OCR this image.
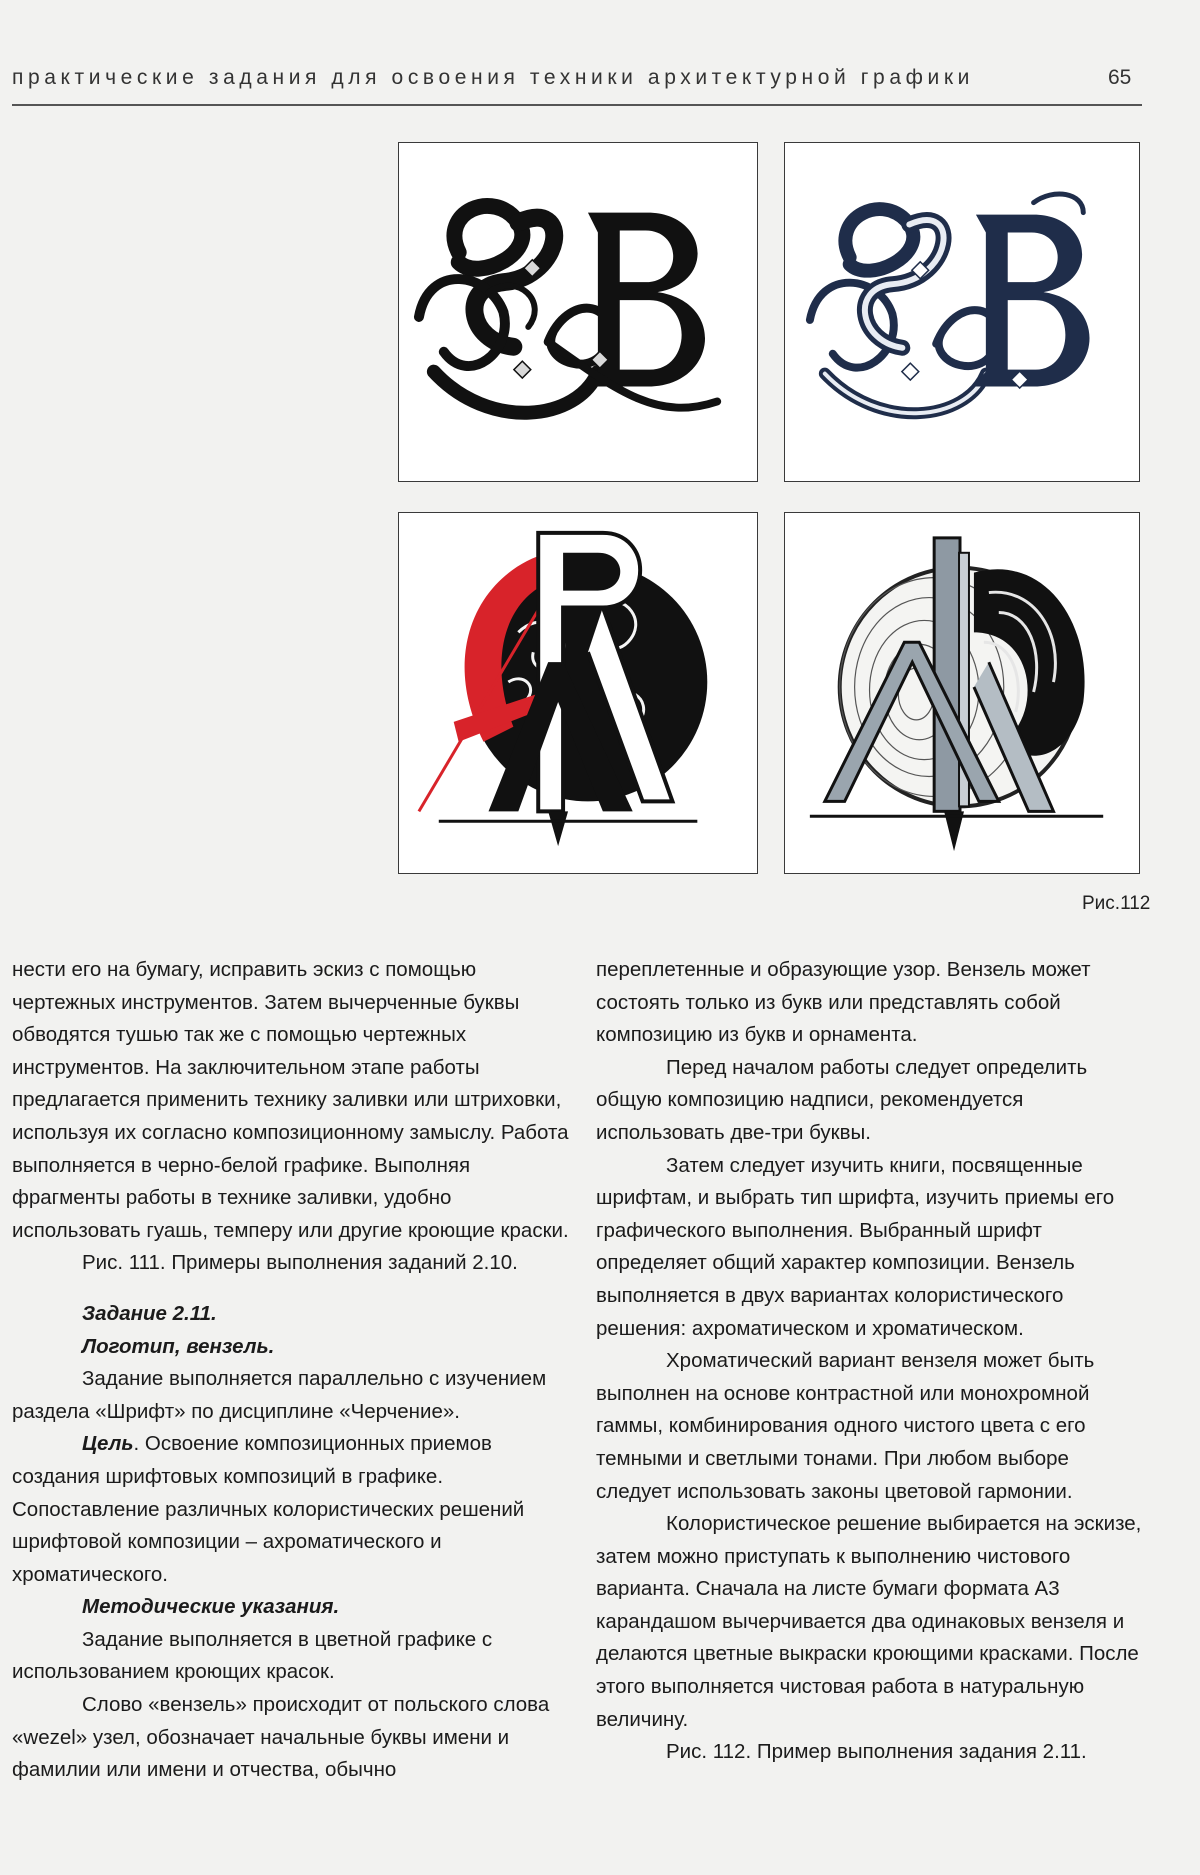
практические задания для освоения техники архитектурной графики	65
Рис.112

нести его на бумагу, исправить эскиз с помощью чертежных инструментов. Затем вычерченные буквы обводятся тушью так же с помощью чертежных инструментов. На заключительном этапе работы предлагается применить технику заливки или штриховки, используя их согласно композиционному замыслу. Работа выполняется в черно-белой графике. Выполняя фрагменты работы в технике заливки, удобно использовать гуашь, темперу или другие кроющие краски.

Рис. 111. Примеры выполнения заданий 2.10.

Задание 2.11.

Логотип, вензель.

Задание выполняется параллельно с изучением раздела «Шрифт» по дисциплине «Черчение».

Цель. Освоение композиционных приемов создания шрифтовых композиций в графике. Сопоставление различных колористических решений шрифтовой композиции – ахроматического и хроматического.

Методические указания.

Задание выполняется в цветной графике с использованием кроющих красок.

Слово «вензель» происходит от польского слова «wezel» узел, обозначает начальные буквы имени и фамилии или имени и отчества, обычно

переплетенные и образующие узор. Вензель может состоять только из букв или представлять собой композицию из букв и орнамента.

Перед началом работы следует определить общую композицию надписи, рекомендуется использовать две-три буквы.

Затем следует изучить книги, посвященные шрифтам, и выбрать тип шрифта, изучить приемы его графического выполнения. Выбранный шрифт определяет общий характер композиции. Вензель выполняется в двух вариантах колористического решения: ахроматическом и хроматическом.

Хроматический вариант вензеля может быть выполнен на основе контрастной или монохромной гаммы, комбинирования одного чистого цвета с его темными и светлыми тонами. При любом выборе следует использовать законы цветовой гармонии.

Колористическое решение выбирается на эскизе, затем можно приступать к выполнению чистового варианта. Сначала на листе бумаги формата А3 карандашом вычерчивается два одинаковых вензеля и делаются цветные выкраски кроющими красками. После этого выполняется чистовая работа в натуральную величину.

Рис. 112. Пример выполнения задания 2.11.
